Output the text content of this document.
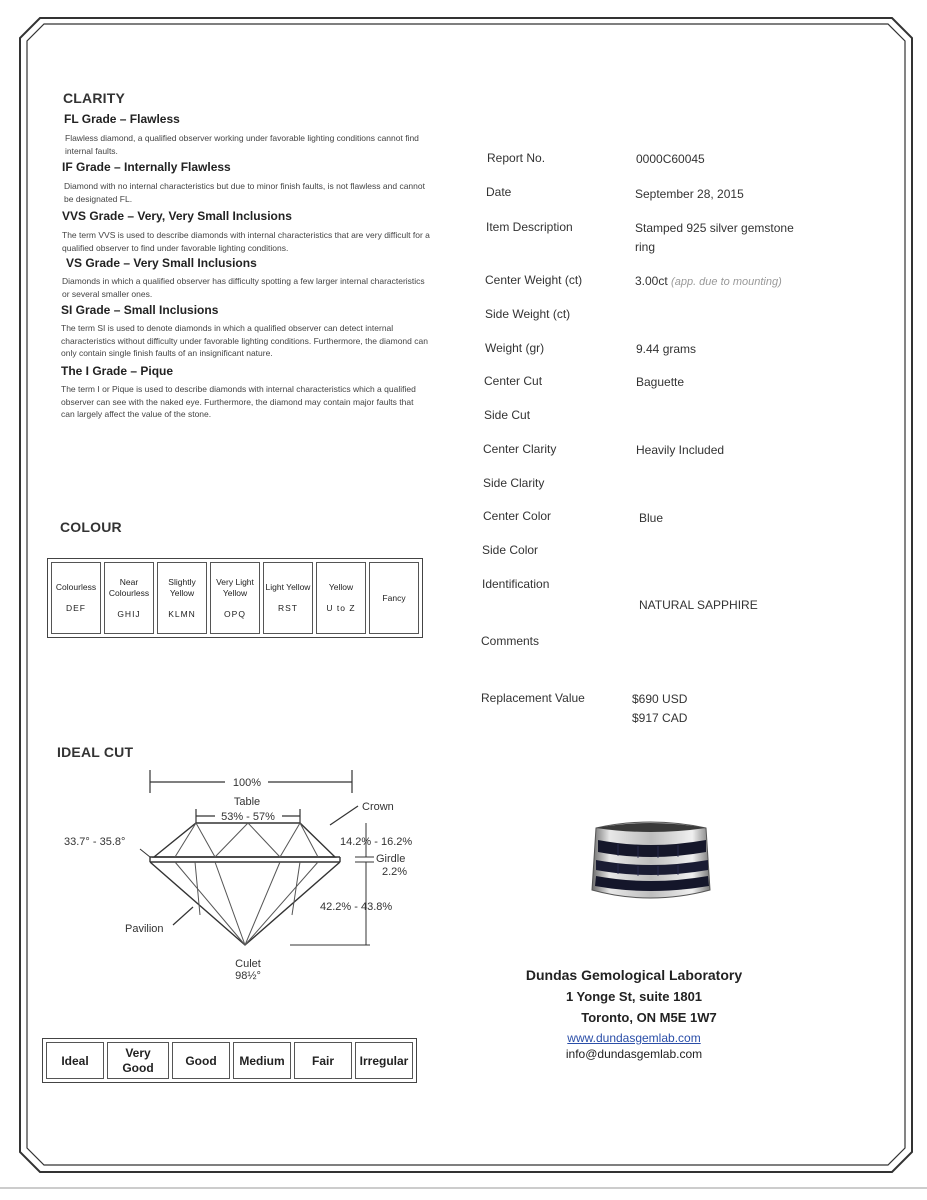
CLARITY
FL Grade – Flawless
Flawless diamond, a qualified observer working under favorable lighting conditions cannot find internal faults.
IF Grade – Internally Flawless
Diamond with no internal characteristics but due to minor finish faults, is not flawless and cannot be designated FL.
VVS Grade – Very, Very Small Inclusions
The term VVS is used to describe diamonds with internal characteristics that are very difficult for a qualified observer to find under favorable lighting conditions.
VS Grade – Very Small Inclusions
Diamonds in which a qualified observer has difficulty spotting a few larger internal characteristics or several smaller ones.
SI Grade – Small Inclusions
The term SI is used to denote diamonds in which a qualified observer can detect internal characteristics without difficulty under favorable lighting conditions. Furthermore, the diamond can only contain single finish faults of an insignificant nature.
The I Grade – Pique
The term I or Pique is used to describe diamonds with internal characteristics which a qualified observer can see with the naked eye. Furthermore, the diamond may contain major faults that can largely affect the value of the stone.
COLOUR
Colourless
DEF
	Near Colourless
GHIJ
	Slightly Yellow
KLMN
	Very Light Yellow
OPQ
	Light Yellow
RST
	Yellow
U to Z
	Fancy
IDEAL CUT
100%
Table
53% - 57%
Crown
33.7° - 35.8°	14.2% - 16.2%
Girdle
2.2%
42.2% - 43.8%
Pavilion
Culet
98½°
Ideal	Very Good	Good	Medium	Fair	Irregular
Report No.	0000C60045
Date	September 28, 2015
Item Description	Stamped 925 silver gemstone ring
Center Weight (ct)	3.00ct (app. due to mounting)
Side Weight (ct)
Weight (gr)	9.44 grams
Center Cut	Baguette
Side Cut
Center Clarity	Heavily Included
Side Clarity
Center Color	Blue
Side Color
Identification
NATURAL SAPPHIRE
Comments
Replacement Value	$690 USD
$917 CAD
Dundas Gemological Laboratory
1 Yonge St, suite 1801
Toronto, ON M5E 1W7
www.dundasgemlab.com
info@dundasgemlab.com
